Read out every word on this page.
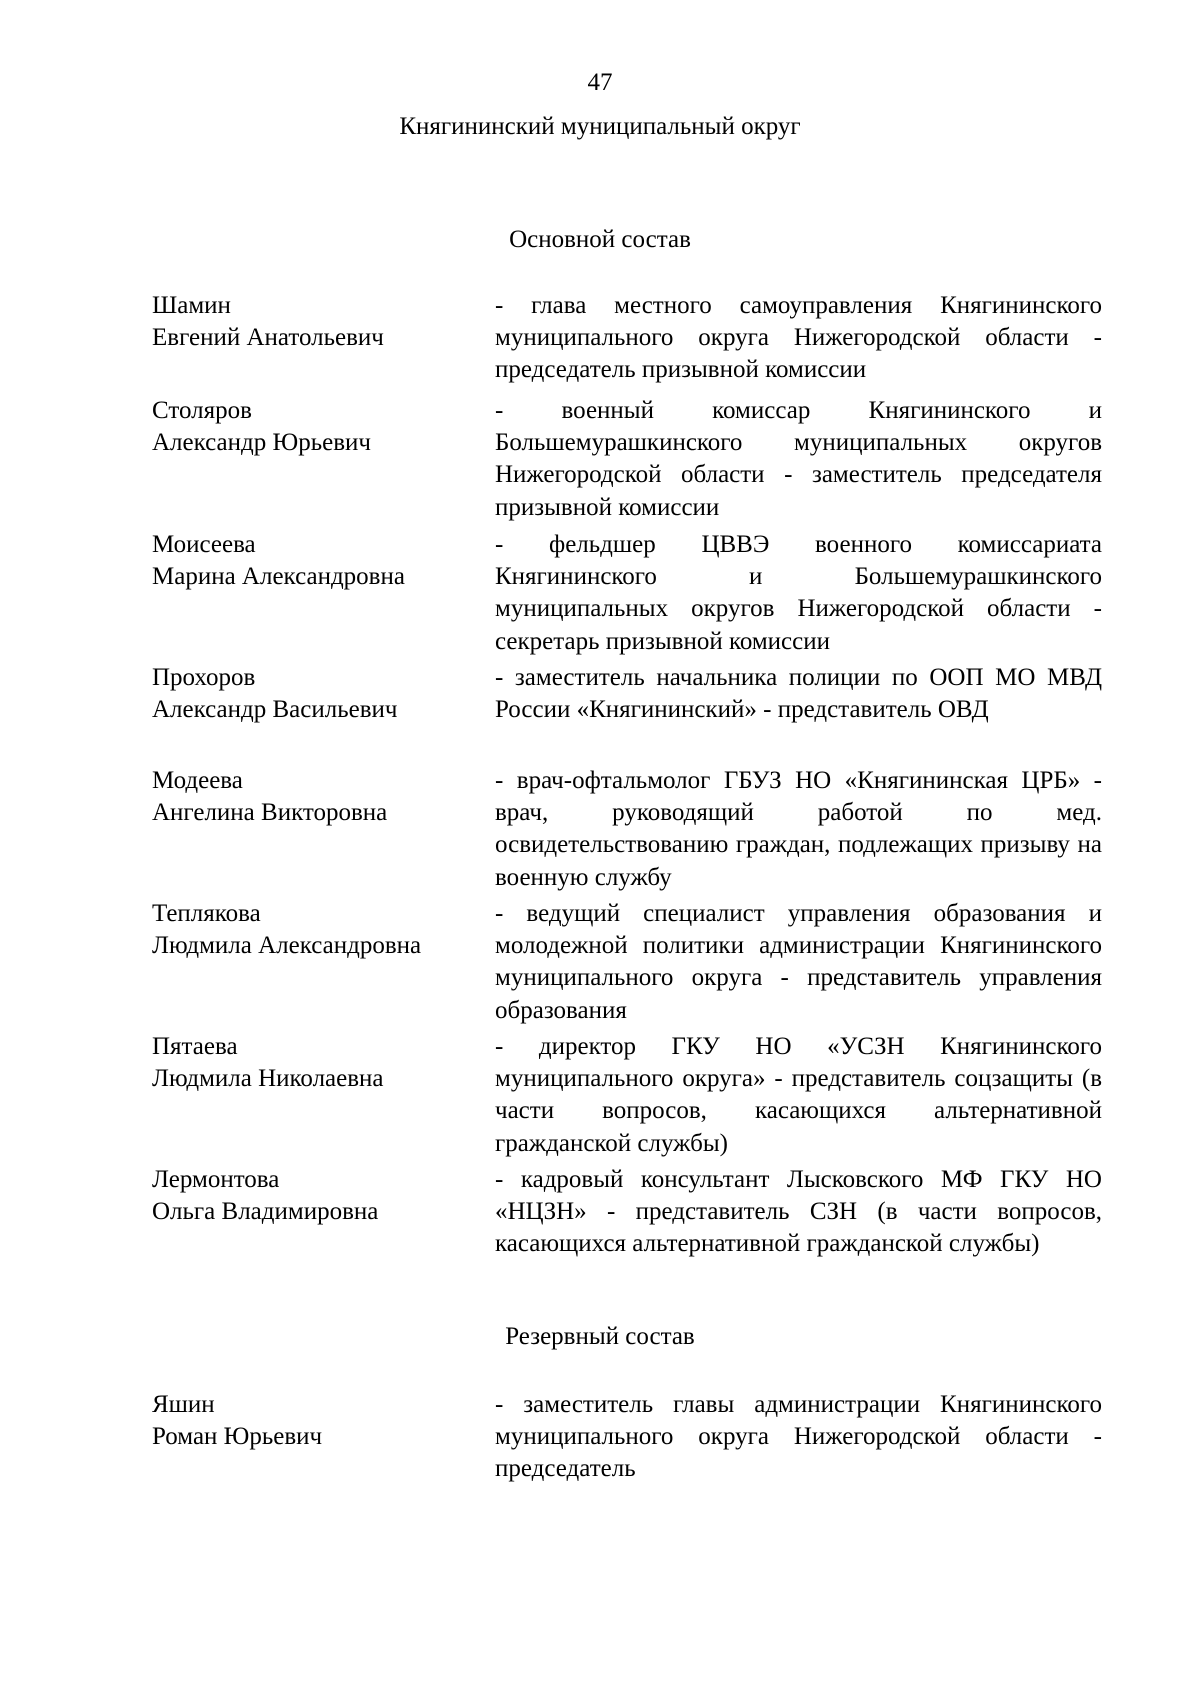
47
Княгининский муниципальный округ
Основной состав
Шамин
Евгений Анатольевич
- глава местного самоуправления Княгининского муниципального округа Нижегородской области - председатель призывной комиссии
Столяров
Александр Юрьевич
- военный комиссар Княгининского и Большемурашкинского муниципальных округов Нижегородской области - заместитель председателя призывной комиссии
Моисеева
Марина Александровна
- фельдшер ЦВВЭ военного комиссариата Княгининского и Большемурашкинского муниципальных округов Нижегородской области - секретарь призывной комиссии
Прохоров
Александр Васильевич
- заместитель начальника полиции по ООП МО МВД России «Княгининский» - представитель ОВД
Модеева
Ангелина Викторовна
- врач-офтальмолог ГБУЗ НО «Княгининская ЦРБ» - врач, руководящий работой по мед. освидетельствованию граждан, подлежащих призыву на военную службу
Теплякова
Людмила Александровна
- ведущий специалист управления образования и молодежной политики администрации Княгининского муниципального округа - представитель управления образования
Пятаева
Людмила Николаевна
- директор ГКУ НО «УСЗН Княгининского муниципального округа» - представитель соцзащиты (в части вопросов, касающихся альтернативной гражданской службы)
Лермонтова
Ольга Владимировна
- кадровый консультант Лысковского МФ ГКУ НО «НЦЗН» - представитель СЗН (в части вопросов, касающихся альтернативной гражданской службы)
Резервный состав
Яшин
Роман Юрьевич
- заместитель главы администрации Княгининского муниципального округа Нижегородской области - председатель
